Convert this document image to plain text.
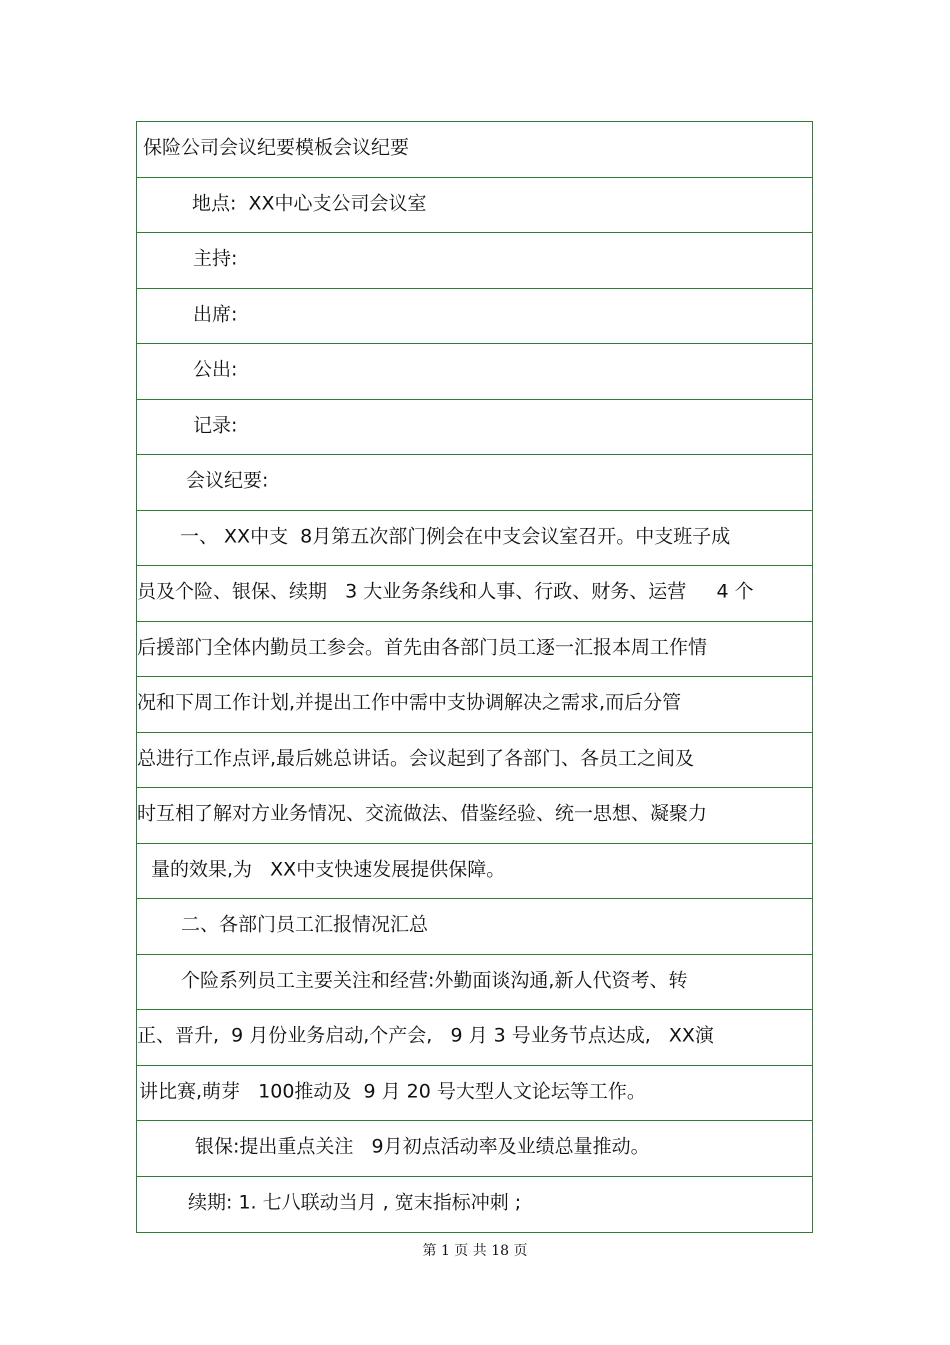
保险公司会议纪要模板会议纪要
地点:  XX中心支公司会议室
主持:
出席:
公出:
记录:
会议纪要:
一、 XX中支  8月第五次部门例会在中支会议室召开。中支班子成
员及个险、银保、续期   3 大业务条线和人事、行政、财务、运营     4 个
后援部门全体内勤员工参会。首先由各部门员工逐一汇报本周工作情
况和下周工作计划,并提出工作中需中支协调解决之需求,而后分管
总进行工作点评,最后姚总讲话。会议起到了各部门、各员工之间及
时互相了解对方业务情况、交流做法、借鉴经验、统一思想、凝聚力
量的效果,为   XX中支快速发展提供保障。
二、各部门员工汇报情况汇总
个险系列员工主要关注和经营:外勤面谈沟通,新人代资考、转
正、晋升,  9 月份业务启动,个产会,   9 月 3 号业务节点达成,   XX演
讲比赛,萌芽   100推动及  9 月 20 号大型人文论坛等工作。
银保:提出重点关注   9月初点活动率及业绩总量推动。
续期: 1. 七八联动当月 , 宽末指标冲刺 ;
第 1 页 共 18 页
